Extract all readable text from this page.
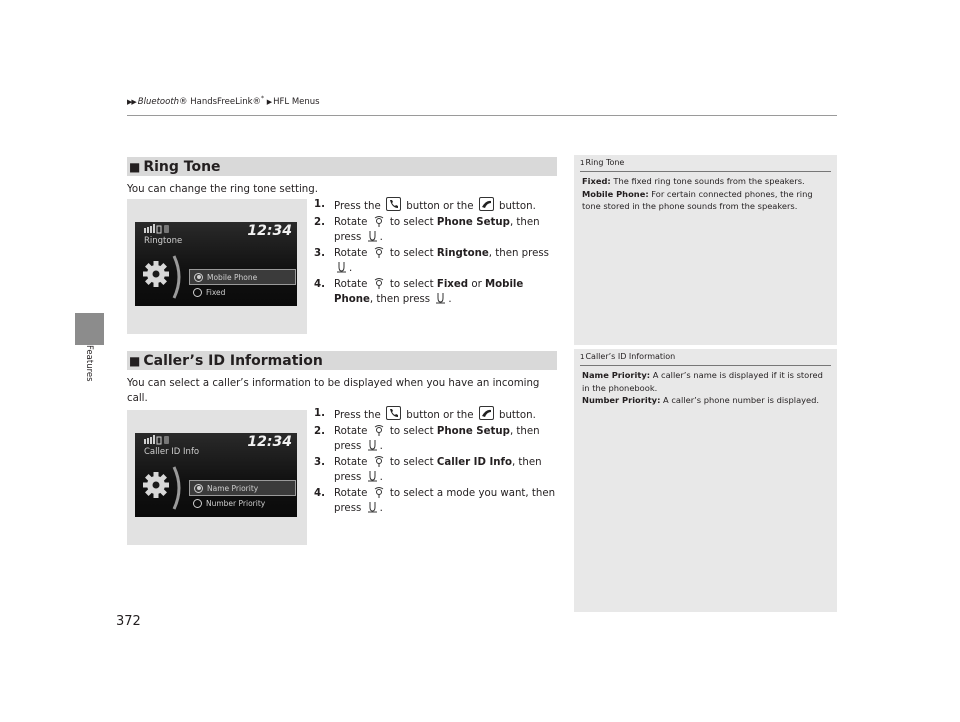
▶▶ Bluetooth® HandsFreeLink®* ▶ HFL Menus
Features
■ Ring Tone
You can change the ring tone setting.
12:34
Ringtone
Mobile Phone
Fixed
1. Press the	button or the	button.
2. Rotate to select Phone Setup, then press .
3. Rotate to select Ringtone, then press .
4. Rotate to select Fixed or Mobile Phone, then press .
■ Caller’s ID Information
You can select a caller’s information to be displayed when you have an incoming call.
12:34
Caller ID Info
Name Priority
Number Priority
1. Press the	button or the	button.
2. Rotate to select Phone Setup, then press .
3. Rotate to select Caller ID Info, then press .
4. Rotate to select a mode you want, then press .
1Ring Tone
Fixed: The fixed ring tone sounds from the speakers.
Mobile Phone: For certain connected phones, the ring tone stored in the phone sounds from the speakers.
1Caller’s ID Information
Name Priority: A caller’s name is displayed if it is stored in the phonebook.
Number Priority: A caller’s phone number is displayed.
372
